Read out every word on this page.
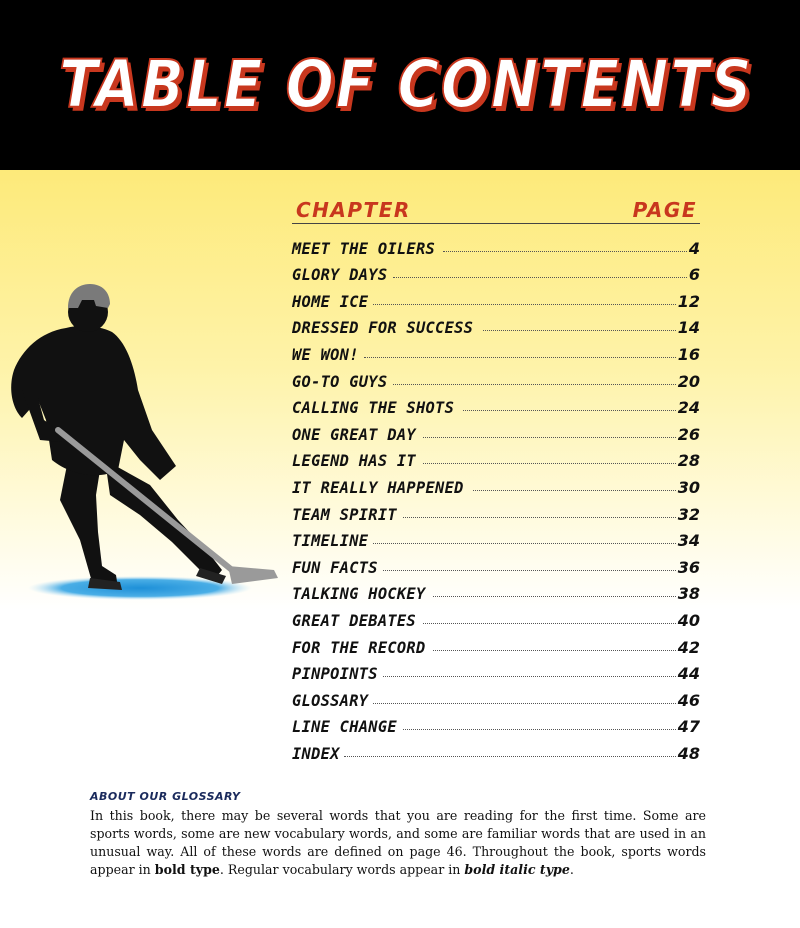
TABLE OF CONTENTS
CHAPTER	PAGE
MEET THE OILERS	4
GLORY DAYS	6
HOME ICE	12
DRESSED FOR SUCCESS	14
WE WON!	16
GO-TO GUYS	20
CALLING THE SHOTS	24
ONE GREAT DAY	26
LEGEND HAS IT	28
IT REALLY HAPPENED	30
TEAM SPIRIT	32
TIMELINE	34
FUN FACTS	36
TALKING HOCKEY	38
GREAT DEBATES	40
FOR THE RECORD	42
PINPOINTS	44
GLOSSARY	46
LINE CHANGE	47
INDEX	48
ABOUT OUR GLOSSARY
In this book, there may be several words that you are reading for the first time. Some are sports words, some are new vocabulary words, and some are familiar words that are used in an unusual way. All of these words are defined on page 46. Throughout the book, sports words appear in bold type. Regular vocabulary words appear in bold italic type.
